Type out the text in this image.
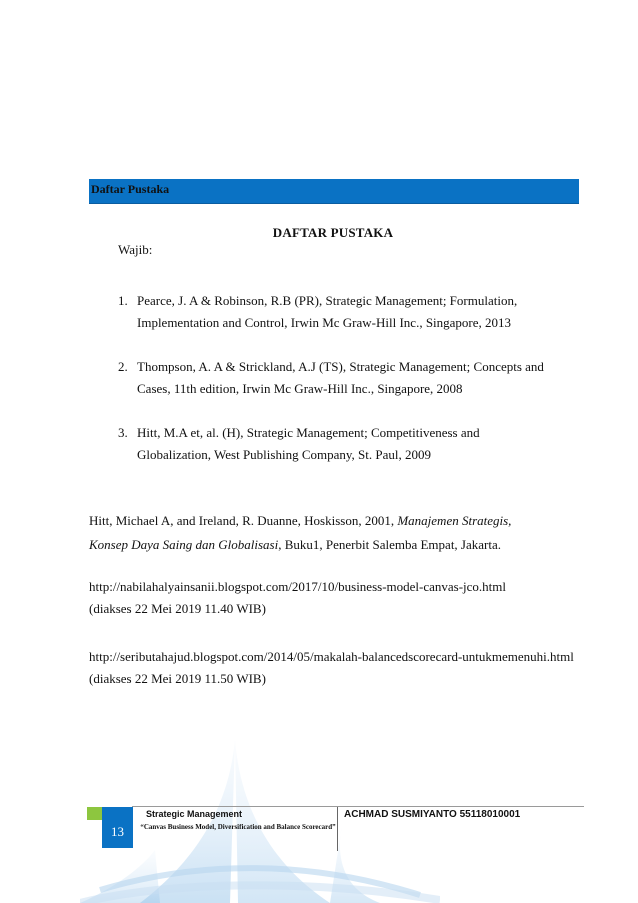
Daftar Pustaka
DAFTAR PUSTAKA
Wajib:
1. Pearce, J. A & Robinson, R.B (PR), Strategic Management; Formulation,
Implementation and Control, Irwin Mc Graw-Hill Inc., Singapore, 2013
2. Thompson, A. A & Strickland, A.J (TS), Strategic Management; Concepts and
Cases, 11th edition, Irwin Mc Graw-Hill Inc., Singapore, 2008
3. Hitt, M.A et, al. (H), Strategic Management; Competitiveness and
Globalization, West Publishing Company, St. Paul, 2009
Hitt, Michael A, and Ireland, R. Duanne, Hoskisson, 2001, Manajemen Strategis,
Konsep Daya Saing dan Globalisasi, Buku1, Penerbit Salemba Empat, Jakarta.
http://nabilahalyainsanii.blogspot.com/2017/10/business-model-canvas-jco.html
(diakses 22 Mei 2019 11.40 WIB)
http://seributahajud.blogspot.com/2014/05/makalah-balancedscorecard-untukmemenuhi.html
(diakses 22 Mei 2019 11.50 WIB)
13
Strategic Management
“Canvas Business Model, Diversification and Balance Scorecard”
ACHMAD SUSMIYANTO 55118010001
